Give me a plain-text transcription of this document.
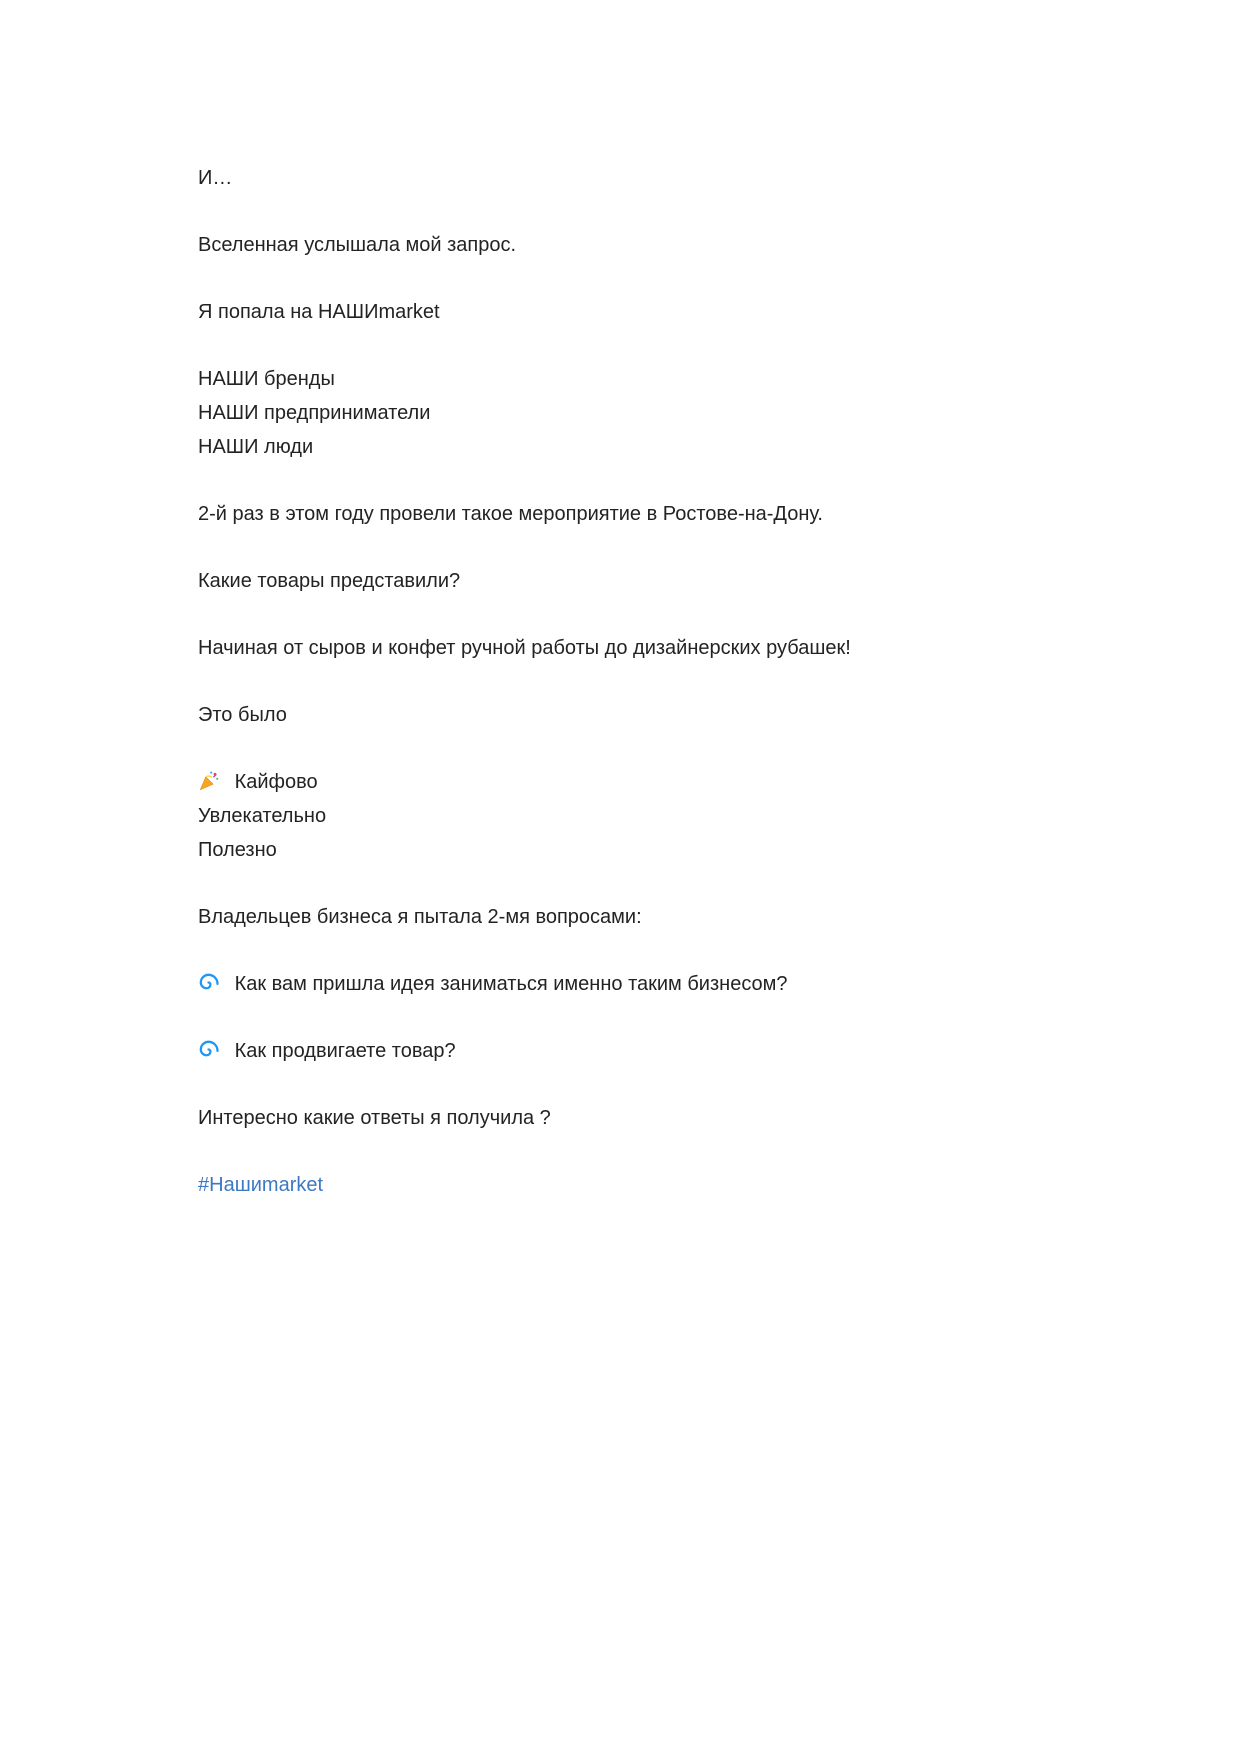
И…

Вселенная услышала мой запрос.

Я попала на НАШИmarket

НАШИ бренды
НАШИ предприниматели
НАШИ люди

2-й раз в этом году провели такое мероприятие в Ростове-на-Дону.

Какие товары представили?

Начиная от сыров и конфет ручной работы до дизайнерских рубашек!

Это было

Кайфово
Увлекательно
Полезно

Владельцев бизнеса я пытала 2-мя вопросами:

Как вам пришла идея заниматься именно таким бизнесом?

Как продвигаете товар?

Интересно какие ответы я получила ?

#Нашиmarket
